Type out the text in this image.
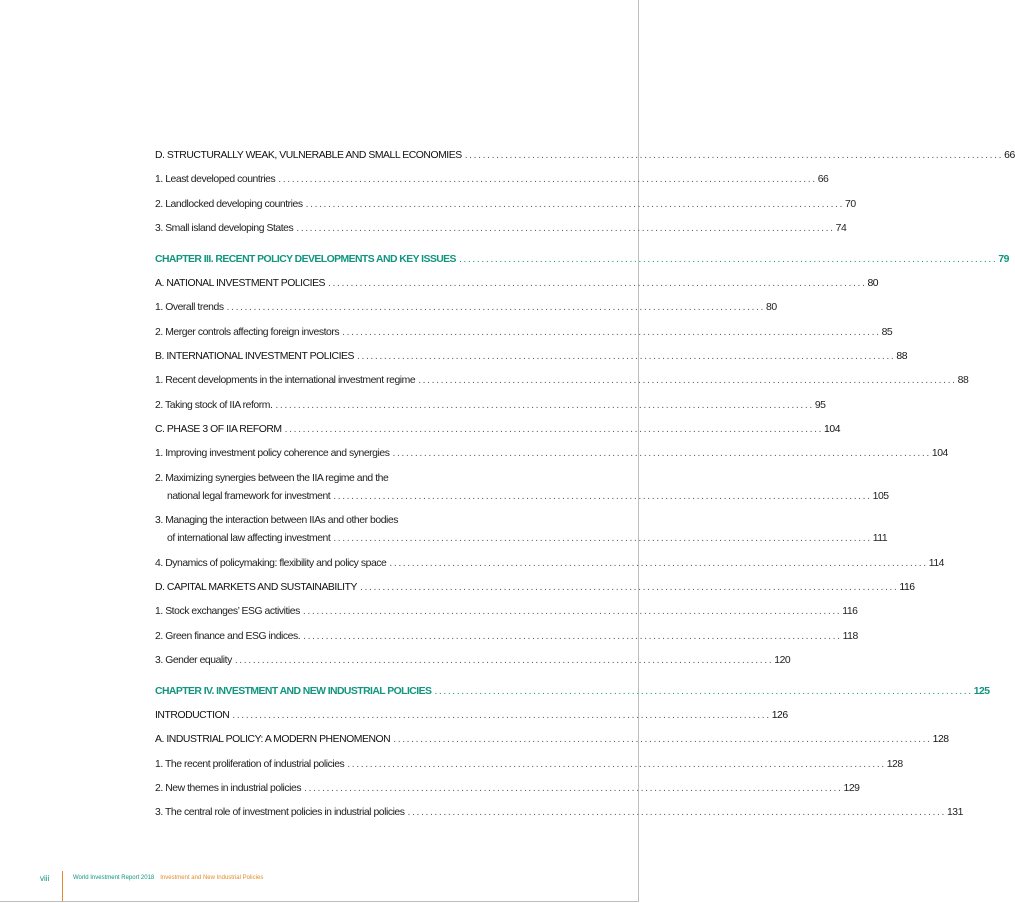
D. STRUCTURALLY WEAK, VULNERABLE AND SMALL ECONOMIES ........................................................................................................................ 66
1. Least developed countries ........................................................................................................................ 66
2. Landlocked developing countries ........................................................................................................................ 70
3. Small island developing States ........................................................................................................................ 74
CHAPTER III. RECENT POLICY DEVELOPMENTS AND KEY ISSUES ........................................................................................................................ 79
A. NATIONAL INVESTMENT POLICIES ........................................................................................................................ 80
1. Overall trends ........................................................................................................................ 80
2. Merger controls affecting foreign investors ........................................................................................................................ 85
B. INTERNATIONAL INVESTMENT POLICIES ........................................................................................................................ 88
1. Recent developments in the international investment regime ........................................................................................................................ 88
2. Taking stock of IIA reform. ........................................................................................................................ 95
C. PHASE 3 OF IIA REFORM ........................................................................................................................ 104
1. Improving investment policy coherence and synergies ........................................................................................................................ 104
2. Maximizing synergies between the IIA regime and the
national legal framework for investment ........................................................................................................................ 105
3. Managing the interaction between IIAs and other bodies
of international law affecting investment ........................................................................................................................ 111
4. Dynamics of policymaking: flexibility and policy space ........................................................................................................................ 114
D. CAPITAL MARKETS AND SUSTAINABILITY ........................................................................................................................ 116
1. Stock exchanges’ ESG activities ........................................................................................................................ 116
2. Green finance and ESG indices. ........................................................................................................................ 118
3. Gender equality ........................................................................................................................ 120
CHAPTER IV. INVESTMENT AND NEW INDUSTRIAL POLICIES ........................................................................................................................ 125
INTRODUCTION ........................................................................................................................ 126
A. INDUSTRIAL POLICY: A MODERN PHENOMENON ........................................................................................................................ 128
1. The recent proliferation of industrial policies ........................................................................................................................ 128
2. New themes in industrial policies ........................................................................................................................ 129
3. The central role of investment policies in industrial policies ........................................................................................................................ 131
viii	World Investment Report 2018 Investment and New Industrial Policies
